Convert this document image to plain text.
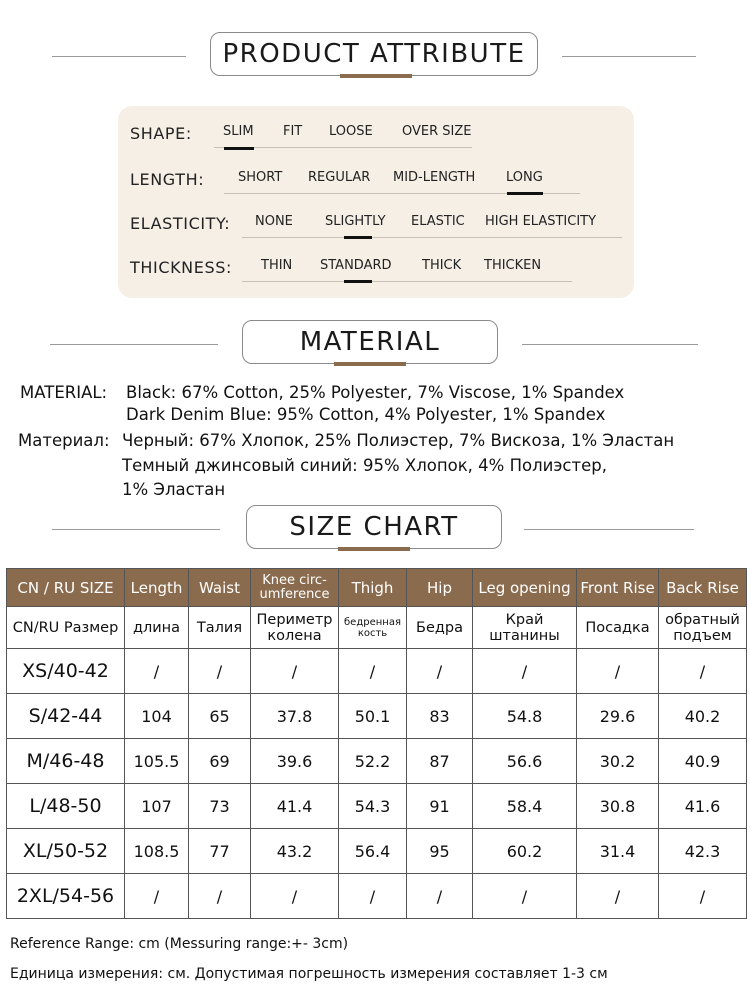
PRODUCT ATTRIBUTE
SHAPE: SLIM FIT LOOSE OVER SIZE
LENGTH:	SHORT REGULAR MID-LENGTH LONG
ELASTICITY: NONE SLIGHTLY ELASTIC HIGH ELASTICITY
THICKNESS: THIN STANDARD THICK THICKEN
MATERIAL
MATERIAL: Black: 67% Cotton, 25% Polyester, 7% Viscose, 1% Spandex
Dark Denim Blue: 95% Cotton, 4% Polyester, 1% Spandex
Материал: Черный: 67% Хлопок, 25% Полиэстер, 7% Вискоза, 1% Эластан
Темный джинсовый синий: 95% Хлопок, 4% Полиэстер,
1% Эластан
SIZE CHART
CN / RU SIZE	Length	Waist	Knee circ-umference	Thigh	Hip	Leg opening	Front Rise	Back Rise
CN/RU Размер	длина	Талия	Периметр колена	бедренная кость	Бедра	Край штанины	Посадка	обратный подъем
XS/40-42	/	/	/	/	/	/	/	/
S/42-44	104	65	37.8	50.1	83	54.8	29.6	40.2
M/46-48	105.5	69	39.6	52.2	87	56.6	30.2	40.9
L/48-50	107	73	41.4	54.3	91	58.4	30.8	41.6
XL/50-52	108.5	77	43.2	56.4	95	60.2	31.4	42.3
2XL/54-56	/	/	/	/	/	/	/	/
Reference Range: cm (Messuring range:+- 3cm)
Единица измерения: см. Допустимая погрешность измерения составляет 1-3 см
